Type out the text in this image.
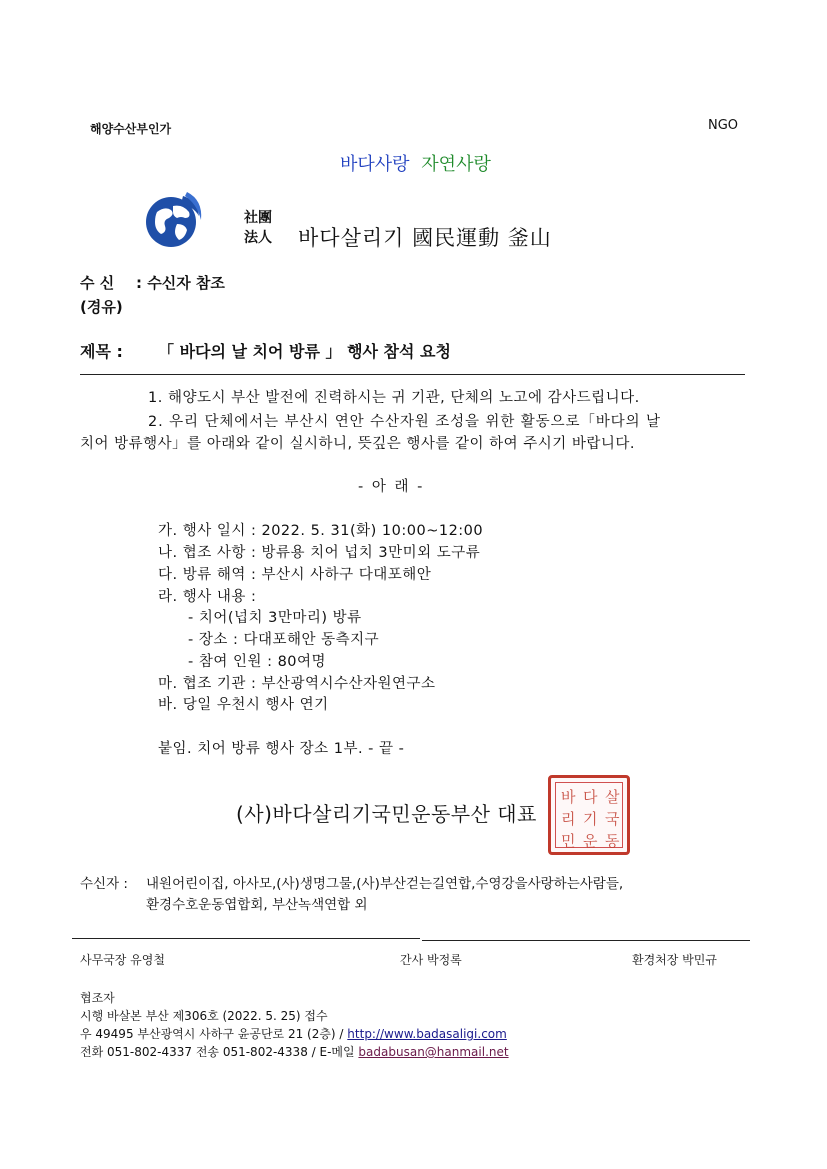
해양수산부인가	NGO
바다사랑 자연사랑
社團
法人 바다살리기 國民運動 釜山
수 신 : 수신자 참조
(경유)
제목 : 「 바다의 날 치어 방류 」 행사 참석 요청
1. 해양도시 부산 발전에 진력하시는 귀 기관, 단체의 노고에 감사드립니다.
2. 우리 단체에서는 부산시 연안 수산자원 조성을 위한 활동으로「바다의 날
치어 방류행사」를 아래와 같이 실시하니, 뜻깊은 행사를 같이 하여 주시기 바랍니다.
- 아 래 -
가. 행사 일시 : 2022. 5. 31(화) 10:00~12:00
나. 협조 사항 : 방류용 치어 넙치 3만미외 도구류
다. 방류 해역 : 부산시 사하구 다대포해안
라. 행사 내용 :
- 치어(넙치 3만마리) 방류
- 장소 : 다대포해안 동측지구
- 참여 인원 : 80여명
마. 협조 기관 : 부산광역시수산자원연구소
바. 당일 우천시 행사 연기
붙임. 치어 방류 행사 장소 1부. - 끝 -
(사)바다살리기국민운동부산 대표
바 다 살
리 기 국
민 운 동
수신자 : 내원어린이집, 아사모,(사)생명그물,(사)부산걷는길연합,수영강을사랑하는사람들,
환경수호운동엽합회, 부산녹색연합 외
사무국장 유영철	간사 박정록	환경처장 박민규
협조자
시행 바살본 부산 제306호 (2022. 5. 25) 접수
우 49495 부산광역시 사하구 윤공단로 21 (2층) / http://www.badasaligi.com
전화 051-802-4337 전송 051-802-4338 / E-메일 badabusan@hanmail.net
